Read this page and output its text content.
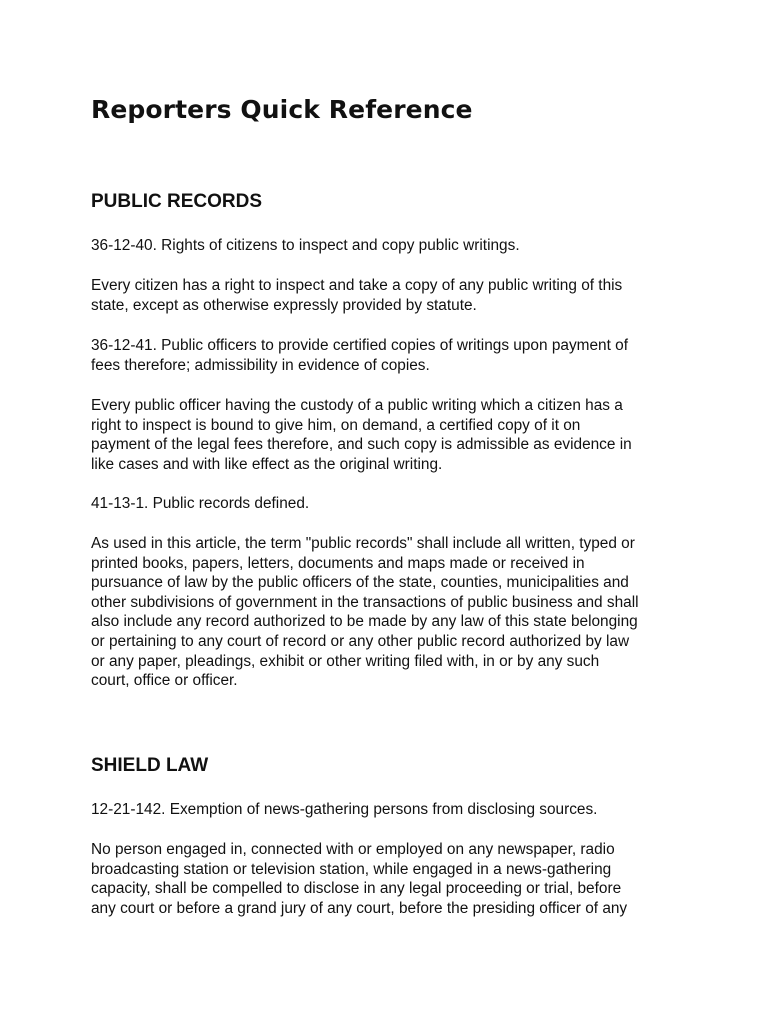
Reporters Quick Reference
PUBLIC RECORDS

36-12-40. Rights of citizens to inspect and copy public writings.

Every citizen has a right to inspect and take a copy of any public writing of this
state, except as otherwise expressly provided by statute.

36-12-41. Public officers to provide certified copies of writings upon payment of
fees therefore; admissibility in evidence of copies.

Every public officer having the custody of a public writing which a citizen has a
right to inspect is bound to give him, on demand, a certified copy of it on
payment of the legal fees therefore, and such copy is admissible as evidence in
like cases and with like effect as the original writing.

41-13-1. Public records defined.

As used in this article, the term "public records" shall include all written, typed or
printed books, papers, letters, documents and maps made or received in
pursuance of law by the public officers of the state, counties, municipalities and
other subdivisions of government in the transactions of public business and shall
also include any record authorized to be made by any law of this state belonging
or pertaining to any court of record or any other public record authorized by law
or any paper, pleadings, exhibit or other writing filed with, in or by any such
court, office or officer.

SHIELD LAW

12-21-142. Exemption of news-gathering persons from disclosing sources.

No person engaged in, connected with or employed on any newspaper, radio
broadcasting station or television station, while engaged in a news-gathering
capacity, shall be compelled to disclose in any legal proceeding or trial, before
any court or before a grand jury of any court, before the presiding officer of any
